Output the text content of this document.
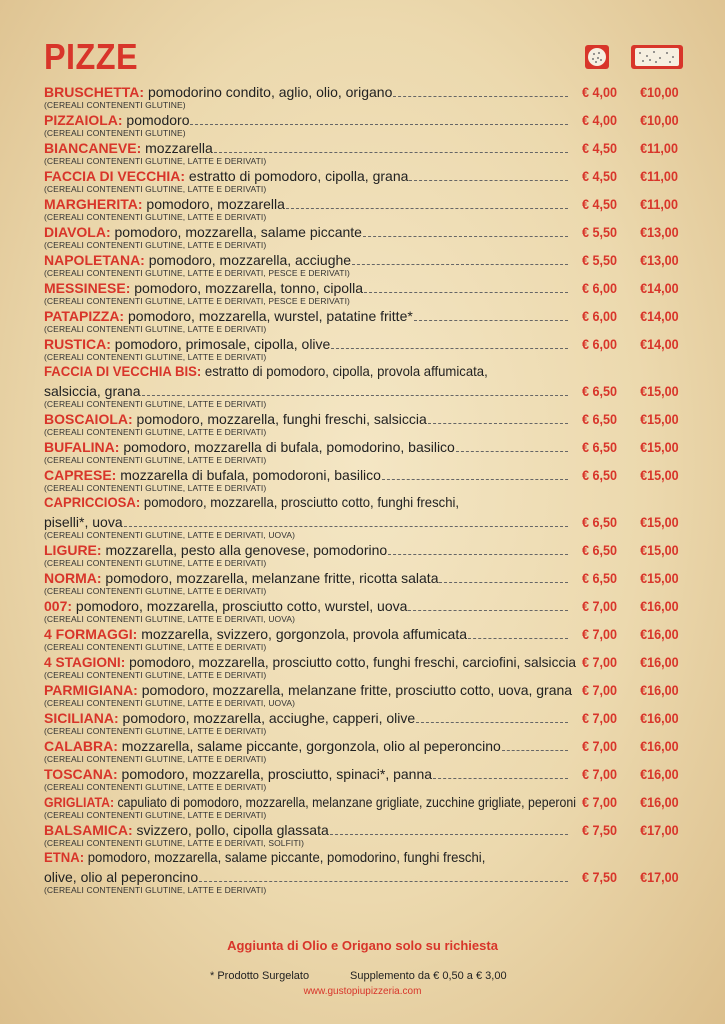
PIZZE
BRUSCHETTA: pomodorino condito, aglio, olio, origano	€ 4,00 €10,00
(CEREALI CONTENENTI GLUTINE)
PIZZAIOLA: pomodoro	€ 4,00 €10,00
(CEREALI CONTENENTI GLUTINE)
BIANCANEVE: mozzarella	€ 4,50 €11,00
(CEREALI CONTENENTI GLUTINE, LATTE E DERIVATI)
FACCIA DI VECCHIA: estratto di pomodoro, cipolla, grana	€ 4,50 €11,00
(CEREALI CONTENENTI GLUTINE, LATTE E DERIVATI)
MARGHERITA: pomodoro, mozzarella	€ 4,50 €11,00
(CEREALI CONTENENTI GLUTINE, LATTE E DERIVATI)
DIAVOLA: pomodoro, mozzarella, salame piccante	€ 5,50 €13,00
(CEREALI CONTENENTI GLUTINE, LATTE E DERIVATI)
NAPOLETANA: pomodoro, mozzarella, acciughe	€ 5,50 €13,00
(CEREALI CONTENENTI GLUTINE, LATTE E DERIVATI, PESCE E DERIVATI)
MESSINESE: pomodoro, mozzarella, tonno, cipolla	€ 6,00 €14,00
(CEREALI CONTENENTI GLUTINE, LATTE E DERIVATI, PESCE E DERIVATI)
PATAPIZZA: pomodoro, mozzarella, wurstel, patatine fritte*	€ 6,00 €14,00
(CEREALI CONTENENTI GLUTINE, LATTE E DERIVATI)
RUSTICA: pomodoro, primosale, cipolla, olive	€ 6,00 €14,00
(CEREALI CONTENENTI GLUTINE, LATTE E DERIVATI)
FACCIA DI VECCHIA BIS: estratto di pomodoro, cipolla, provola affumicata,
salsiccia, grana	€ 6,50 €15,00
(CEREALI CONTENENTI GLUTINE, LATTE E DERIVATI)
BOSCAIOLA: pomodoro, mozzarella, funghi freschi, salsiccia	€ 6,50 €15,00
(CEREALI CONTENENTI GLUTINE, LATTE E DERIVATI)
BUFALINA: pomodoro, mozzarella di bufala, pomodorino, basilico	€ 6,50 €15,00
(CEREALI CONTENENTI GLUTINE, LATTE E DERIVATI)
CAPRESE: mozzarella di bufala, pomodoroni, basilico	€ 6,50 €15,00
(CEREALI CONTENENTI GLUTINE, LATTE E DERIVATI)
CAPRICCIOSA: pomodoro, mozzarella, prosciutto cotto, funghi freschi,
piselli*, uova	€ 6,50 €15,00
(CEREALI CONTENENTI GLUTINE, LATTE E DERIVATI, UOVA)
LIGURE: mozzarella, pesto alla genovese, pomodorino	€ 6,50 €15,00
(CEREALI CONTENENTI GLUTINE, LATTE E DERIVATI)
NORMA: pomodoro, mozzarella, melanzane fritte, ricotta salata	€ 6,50 €15,00
(CEREALI CONTENENTI GLUTINE, LATTE E DERIVATI)
007: pomodoro, mozzarella, prosciutto cotto, wurstel, uova	€ 7,00 €16,00
(CEREALI CONTENENTI GLUTINE, LATTE E DERIVATI, UOVA)
4 FORMAGGI: mozzarella, svizzero, gorgonzola, provola affumicata	€ 7,00 €16,00
(CEREALI CONTENENTI GLUTINE, LATTE E DERIVATI)
4 STAGIONI: pomodoro, mozzarella, prosciutto cotto, funghi freschi, carciofini, salsiccia € 7,00 €16,00
(CEREALI CONTENENTI GLUTINE, LATTE E DERIVATI)
PARMIGIANA: pomodoro, mozzarella, melanzane fritte, prosciutto cotto, uova, grana € 7,00 €16,00
(CEREALI CONTENENTI GLUTINE, LATTE E DERIVATI, UOVA)
SICILIANA: pomodoro, mozzarella, acciughe, capperi, olive	€ 7,00 €16,00
(CEREALI CONTENENTI GLUTINE, LATTE E DERIVATI)
CALABRA: mozzarella, salame piccante, gorgonzola, olio al peperoncino	€ 7,00 €16,00
(CEREALI CONTENENTI GLUTINE, LATTE E DERIVATI)
TOSCANA: pomodoro, mozzarella, prosciutto, spinaci*, panna	€ 7,00 €16,00
(CEREALI CONTENENTI GLUTINE, LATTE E DERIVATI)
GRIGLIATA: capuliato di pomodoro, mozzarella, melanzane grigliate, zucchine grigliate, peperoni € 7,00 €16,00
(CEREALI CONTENENTI GLUTINE, LATTE E DERIVATI)
BALSAMICA: svizzero, pollo, cipolla glassata	€ 7,50 €17,00
(CEREALI CONTENENTI GLUTINE, LATTE E DERIVATI, SOLFITI)
ETNA: pomodoro, mozzarella, salame piccante, pomodorino, funghi freschi,
olive, olio al peperoncino	€ 7,50 €17,00
(CEREALI CONTENENTI GLUTINE, LATTE E DERIVATI)
Aggiunta di Olio e Origano solo su richiesta
* Prodotto Surgelato	Supplemento da € 0,50 a € 3,00
www.gustopiupizzeria.com
